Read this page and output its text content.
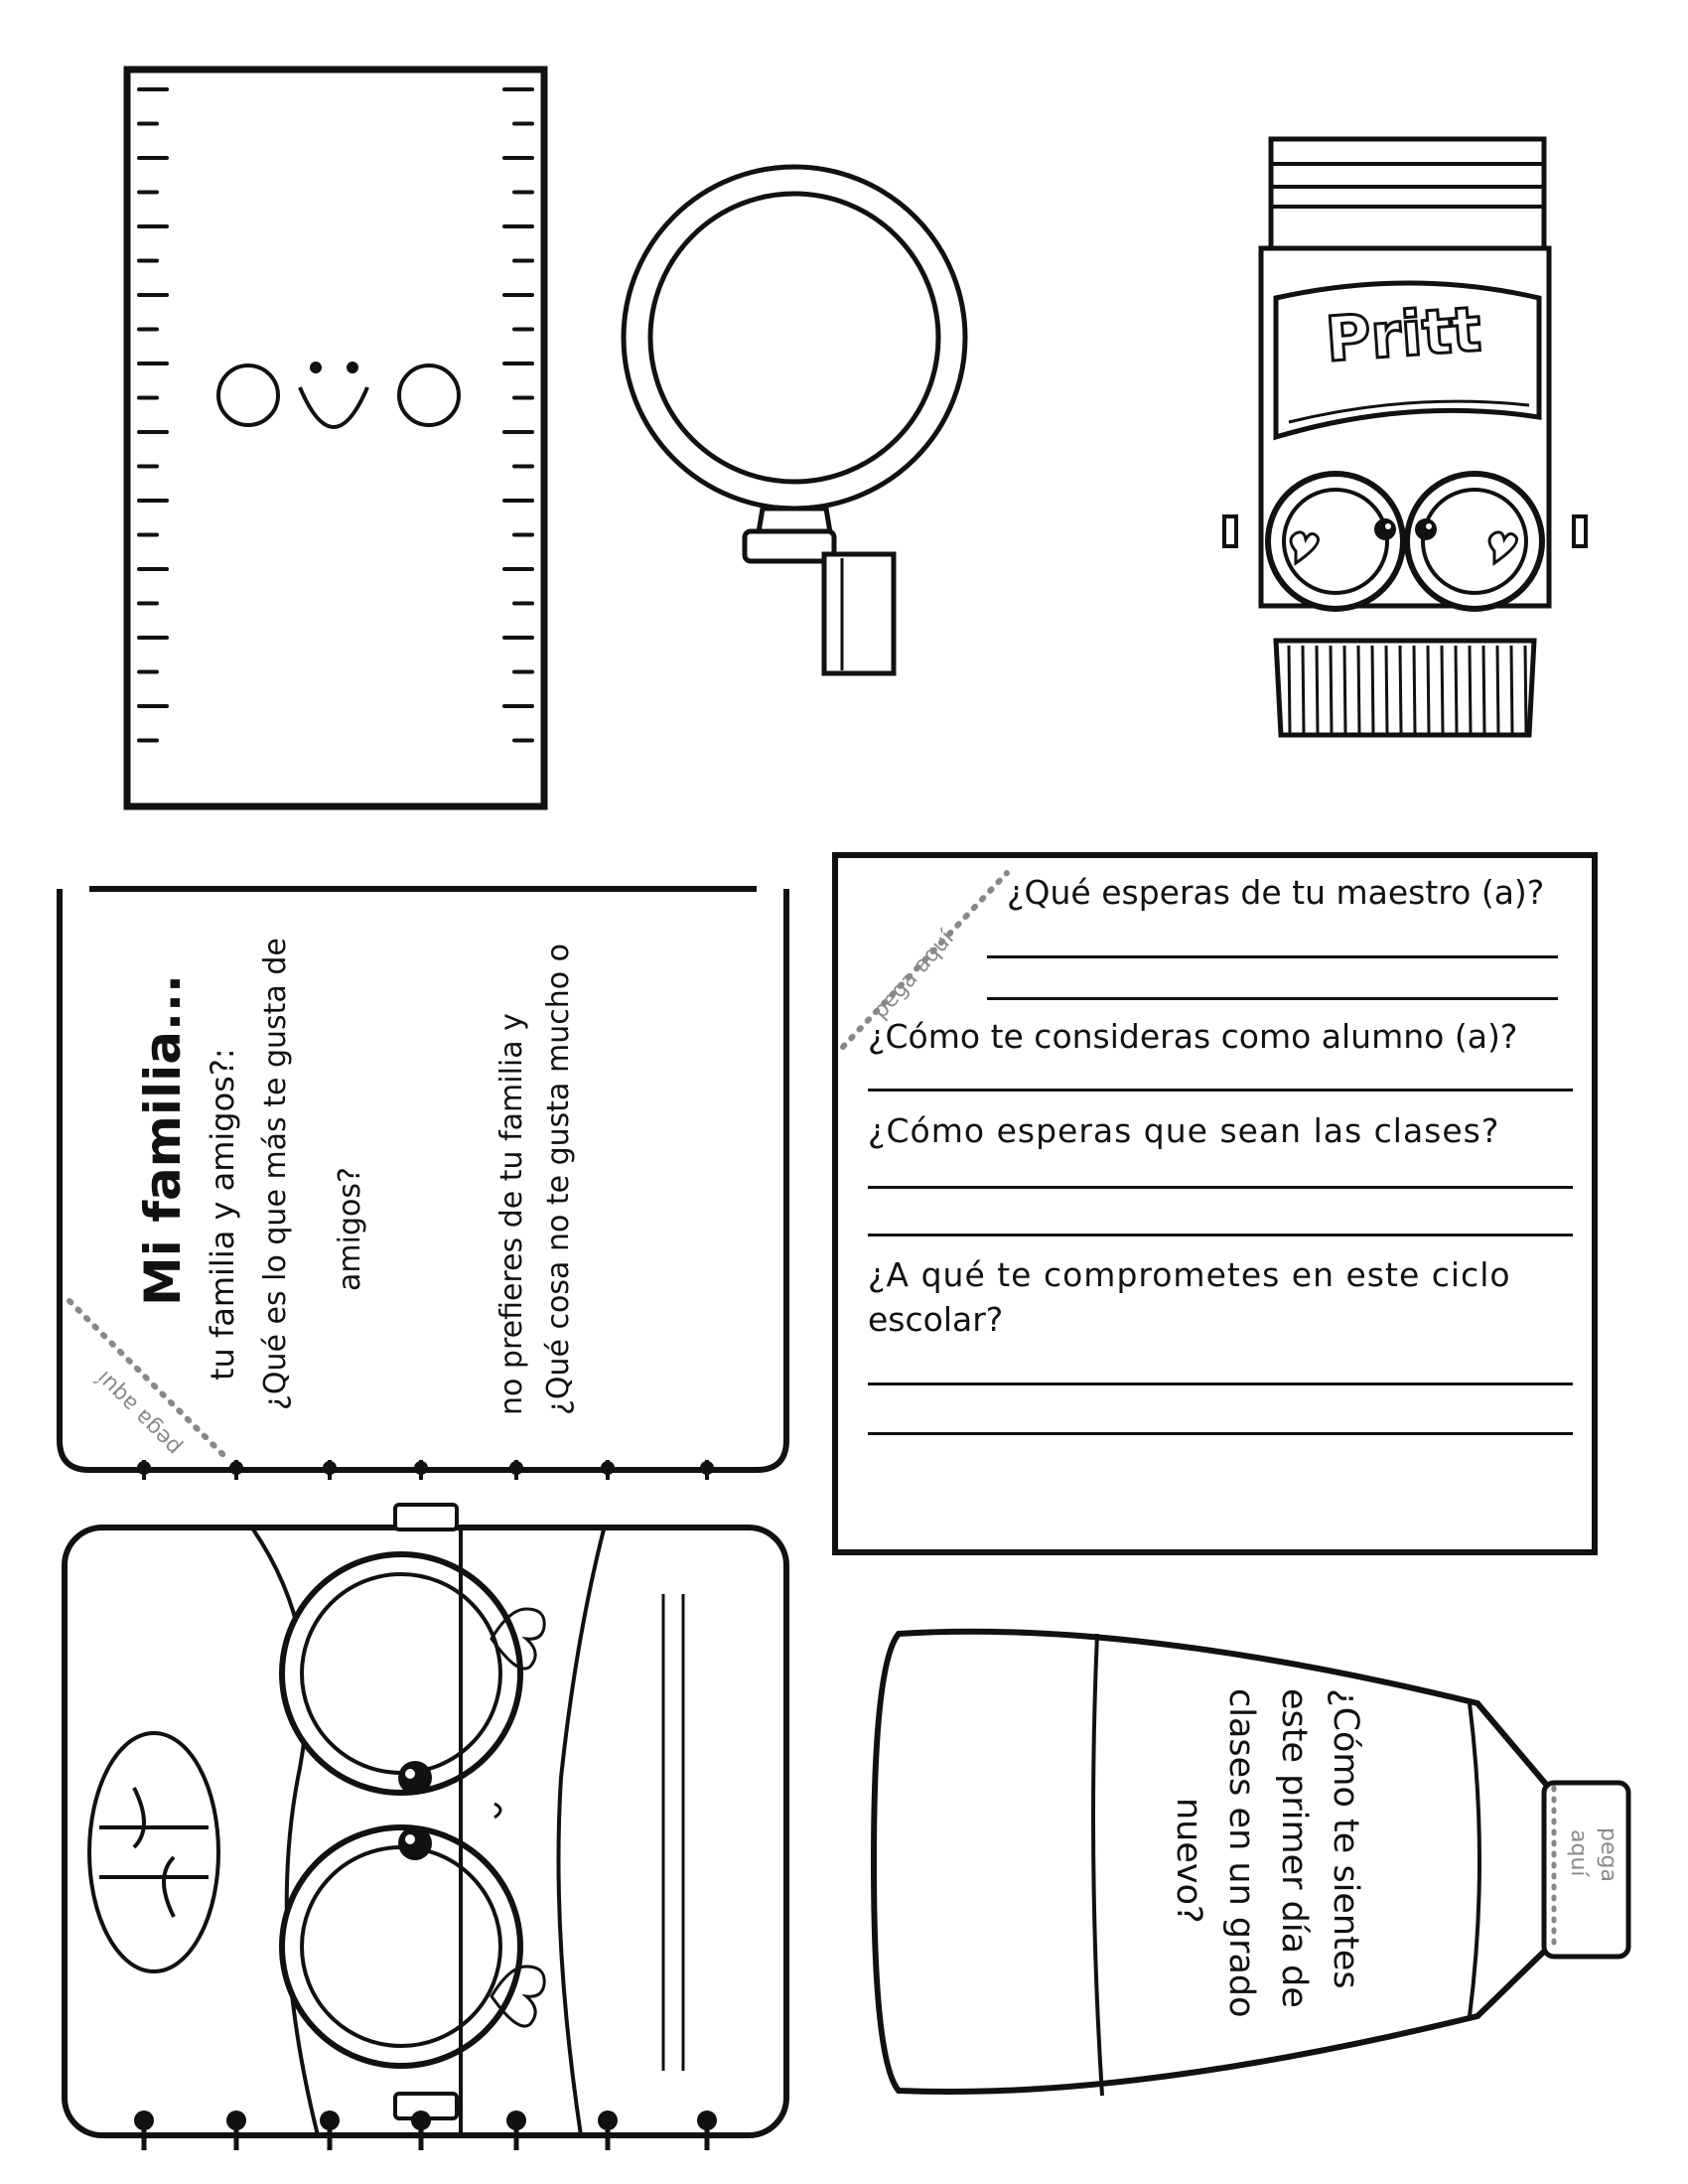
Pritt
Mi familia... tu familia y amigos?: ¿Qué es lo que más te gusta de amigos?	no prefieres de tu familia y ¿Qué cosa no te gusta mucho o
pega aquí
pega aquí
¿Qué esperas de tu maestro (a)?
¿Cómo te consideras como alumno (a)?
¿Cómo esperas que sean las clases?
¿A qué te comprometes en este ciclo
escolar?
¿Cómo te sientes
este primer día de
clases en un grado
nuevo?	pega
aquí
